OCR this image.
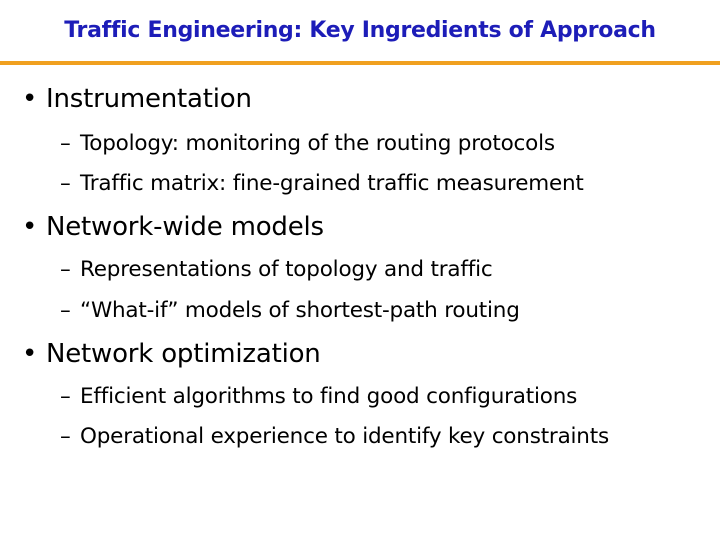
Traffic Engineering: Key Ingredients of Approach
• Instrumentation
– Topology: monitoring of the routing protocols
– Traffic matrix: fine-grained traffic measurement
• Network-wide models
– Representations of topology and traffic
– “What-if” models of shortest-path routing
• Network optimization
– Efficient algorithms to find good configurations
– Operational experience to identify key constraints
